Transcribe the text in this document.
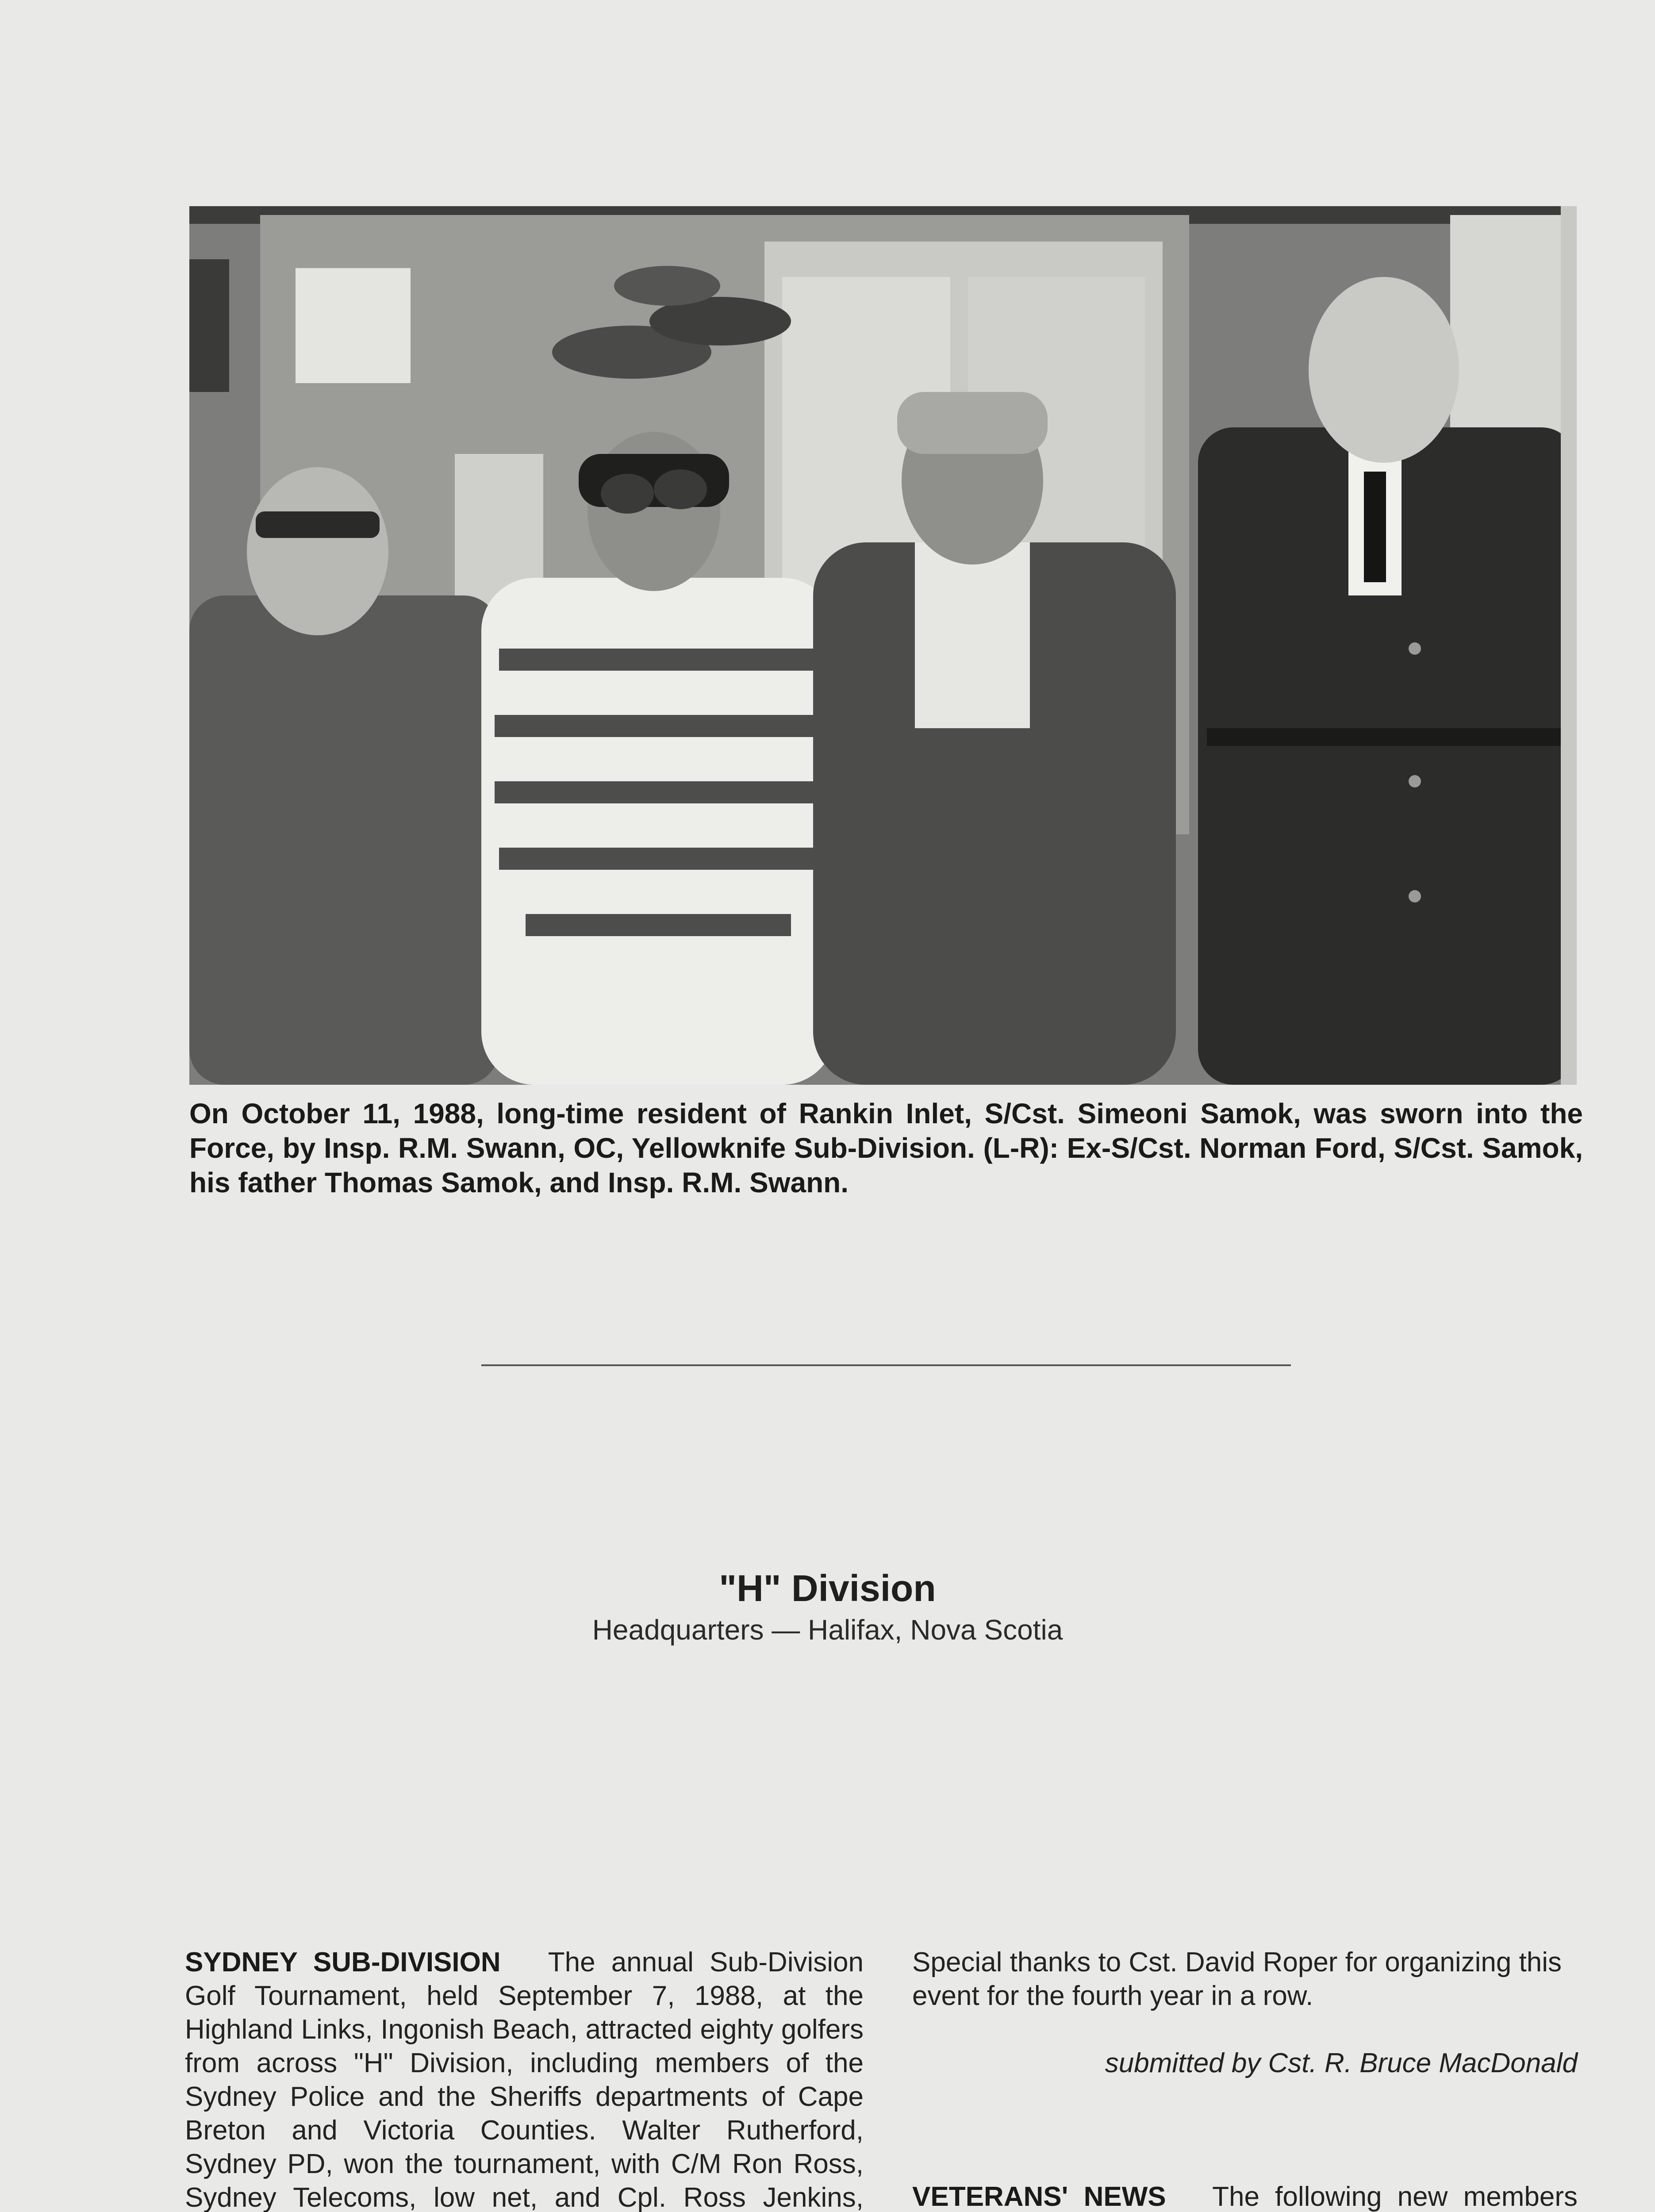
On October 11, 1988, long-time resident of Rankin Inlet, S/Cst. Simeoni Samok, was sworn into the Force, by Insp. R.M. Swann, OC, Yellowknife Sub-Division. (L-R): Ex-S/Cst. Norman Ford, S/Cst. Samok, his father Thomas Samok, and Insp. R.M. Swann.
"H" Division
Headquarters — Halifax, Nova Scotia
SYDNEY SUB-DIVISION The annual Sub-Division Golf Tournament, held September 7, 1988, at the Highland Links, Ingonish Beach, attracted eighty golfers from across "H" Division, including members of the Sydney Police and the Sheriffs departments of Cape Breton and Victoria Counties. Walter Rutherford, Sydney PD, won the tournament, with C/M Ron Ross, Sydney Telecoms, low net, and Cpl. Ross Jenkins,

Special thanks to Cst. David Roper for organizing this event for the fourth year in a row.

submitted by Cst. R. Bruce MacDonald
VETERANS' NEWS The following new members
